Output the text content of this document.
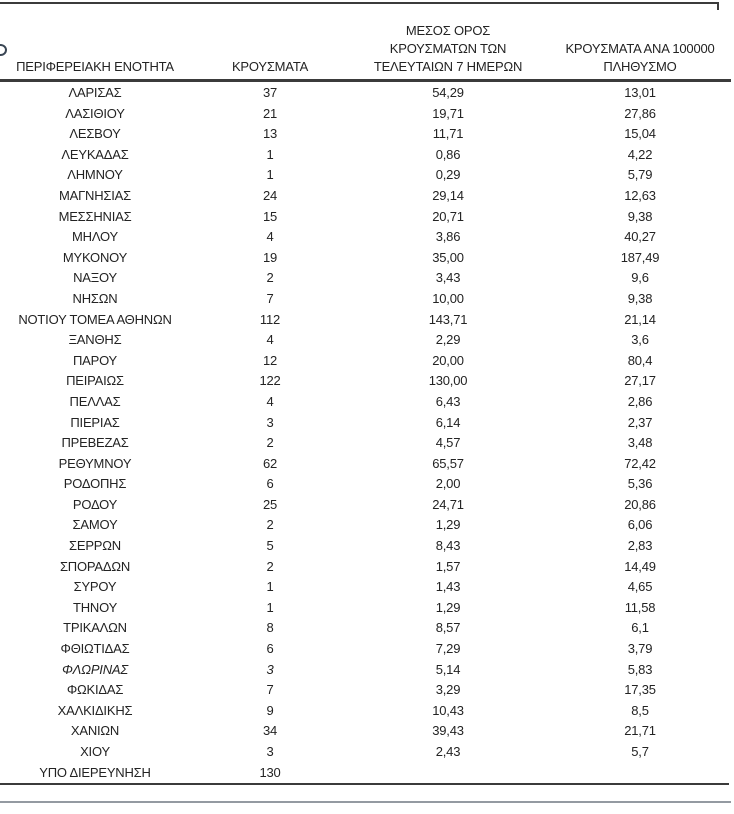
ΠΕΡΙΦΕΡΕΙΑΚΗ ΕΝΟΤΗΤΑ	ΚΡΟΥΣΜΑΤΑ
ΜΕΣΟΣ ΟΡΟΣ
ΚΡΟΥΣΜΑΤΩΝ ΤΩΝ
ΤΕΛΕΥΤΑΙΩΝ 7 ΗΜΕΡΩΝ
ΚΡΟΥΣΜΑΤΑ ΑΝΑ 100000
ΠΛΗΘΥΣΜΟ
ΛΑΡΙΣΑΣ	37	54,29	13,01
ΛΑΣΙΘΙΟΥ	21	19,71	27,86
ΛΕΣΒΟΥ	13	11,71	15,04
ΛΕΥΚΑΔΑΣ	1	0,86	4,22
ΛΗΜΝΟΥ	1	0,29	5,79
ΜΑΓΝΗΣΙΑΣ	24	29,14	12,63
ΜΕΣΣΗΝΙΑΣ	15	20,71	9,38
ΜΗΛΟΥ	4	3,86	40,27
ΜΥΚΟΝΟΥ	19	35,00	187,49
ΝΑΞΟΥ	2	3,43	9,6
ΝΗΣΩΝ	7	10,00	9,38
ΝΟΤΙΟΥ ΤΟΜΕΑ ΑΘΗΝΩΝ	112	143,71	21,14
ΞΑΝΘΗΣ	4	2,29	3,6
ΠΑΡΟΥ	12	20,00	80,4
ΠΕΙΡΑΙΩΣ	122	130,00	27,17
ΠΕΛΛΑΣ	4	6,43	2,86
ΠΙΕΡΙΑΣ	3	6,14	2,37
ΠΡΕΒΕΖΑΣ	2	4,57	3,48
ΡΕΘΥΜΝΟΥ	62	65,57	72,42
ΡΟΔΟΠΗΣ	6	2,00	5,36
ΡΟΔΟΥ	25	24,71	20,86
ΣΑΜΟΥ	2	1,29	6,06
ΣΕΡΡΩΝ	5	8,43	2,83
ΣΠΟΡΑΔΩΝ	2	1,57	14,49
ΣΥΡΟΥ	1	1,43	4,65
ΤΗΝΟΥ	1	1,29	11,58
ΤΡΙΚΑΛΩΝ	8	8,57	6,1
ΦΘΙΩΤΙΔΑΣ	6	7,29	3,79
ΦΛΩΡΙΝΑΣ	3	5,14	5,83
ΦΩΚΙΔΑΣ	7	3,29	17,35
ΧΑΛΚΙΔΙΚΗΣ	9	10,43	8,5
ΧΑΝΙΩΝ	34	39,43	21,71
ΧΙΟΥ	3	2,43	5,7
ΥΠΟ ΔΙΕΡΕΥΝΗΣΗ	130
